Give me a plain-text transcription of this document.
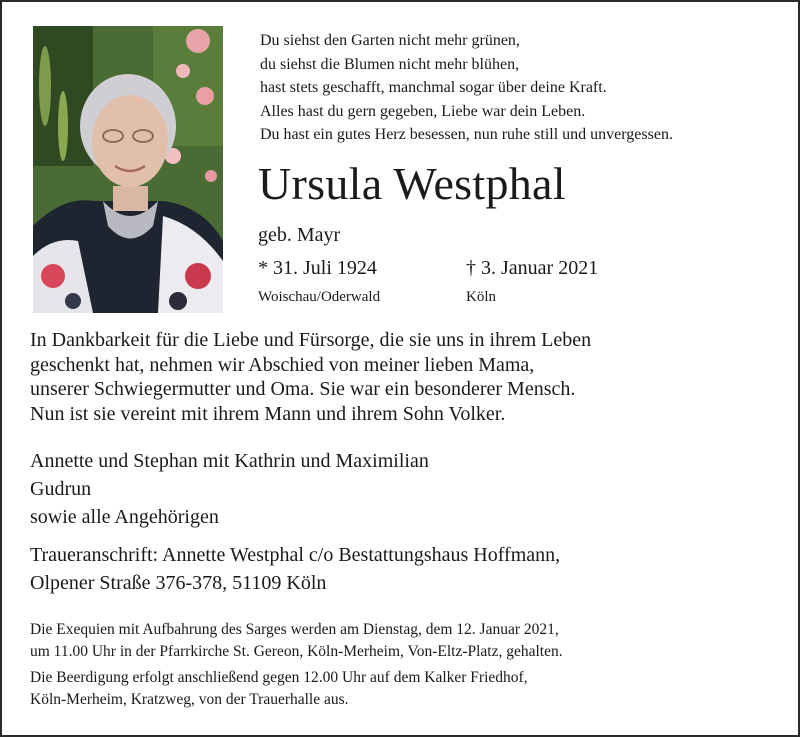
Du siehst den Garten nicht mehr grünen,
du siehst die Blumen nicht mehr blühen,
hast stets geschafft, manchmal sogar über deine Kraft.
Alles hast du gern gegeben, Liebe war dein Leben.
Du hast ein gutes Herz besessen, nun ruhe still und unvergessen.
Ursula Westphal
geb. Mayr
* 31. Juli 1924	† 3. Januar 2021
Woischau/Oderwald	Köln
In Dankbarkeit für die Liebe und Fürsorge, die sie uns in ihrem Leben
geschenkt hat, nehmen wir Abschied von meiner lieben Mama,
unserer Schwiegermutter und Oma. Sie war ein besonderer Mensch.
Nun ist sie vereint mit ihrem Mann und ihrem Sohn Volker.
Annette und Stephan mit Kathrin und Maximilian
Gudrun
sowie alle Angehörigen
Traueranschrift: Annette Westphal c/o Bestattungshaus Hoffmann,
Olpener Straße 376-378, 51109 Köln
Die Exequien mit Aufbahrung des Sarges werden am Dienstag, dem 12. Januar 2021,
um 11.00 Uhr in der Pfarrkirche St. Gereon, Köln-Merheim, Von-Eltz-Platz, gehalten.
Die Beerdigung erfolgt anschließend gegen 12.00 Uhr auf dem Kalker Friedhof,
Köln-Merheim, Kratzweg, von der Trauerhalle aus.
